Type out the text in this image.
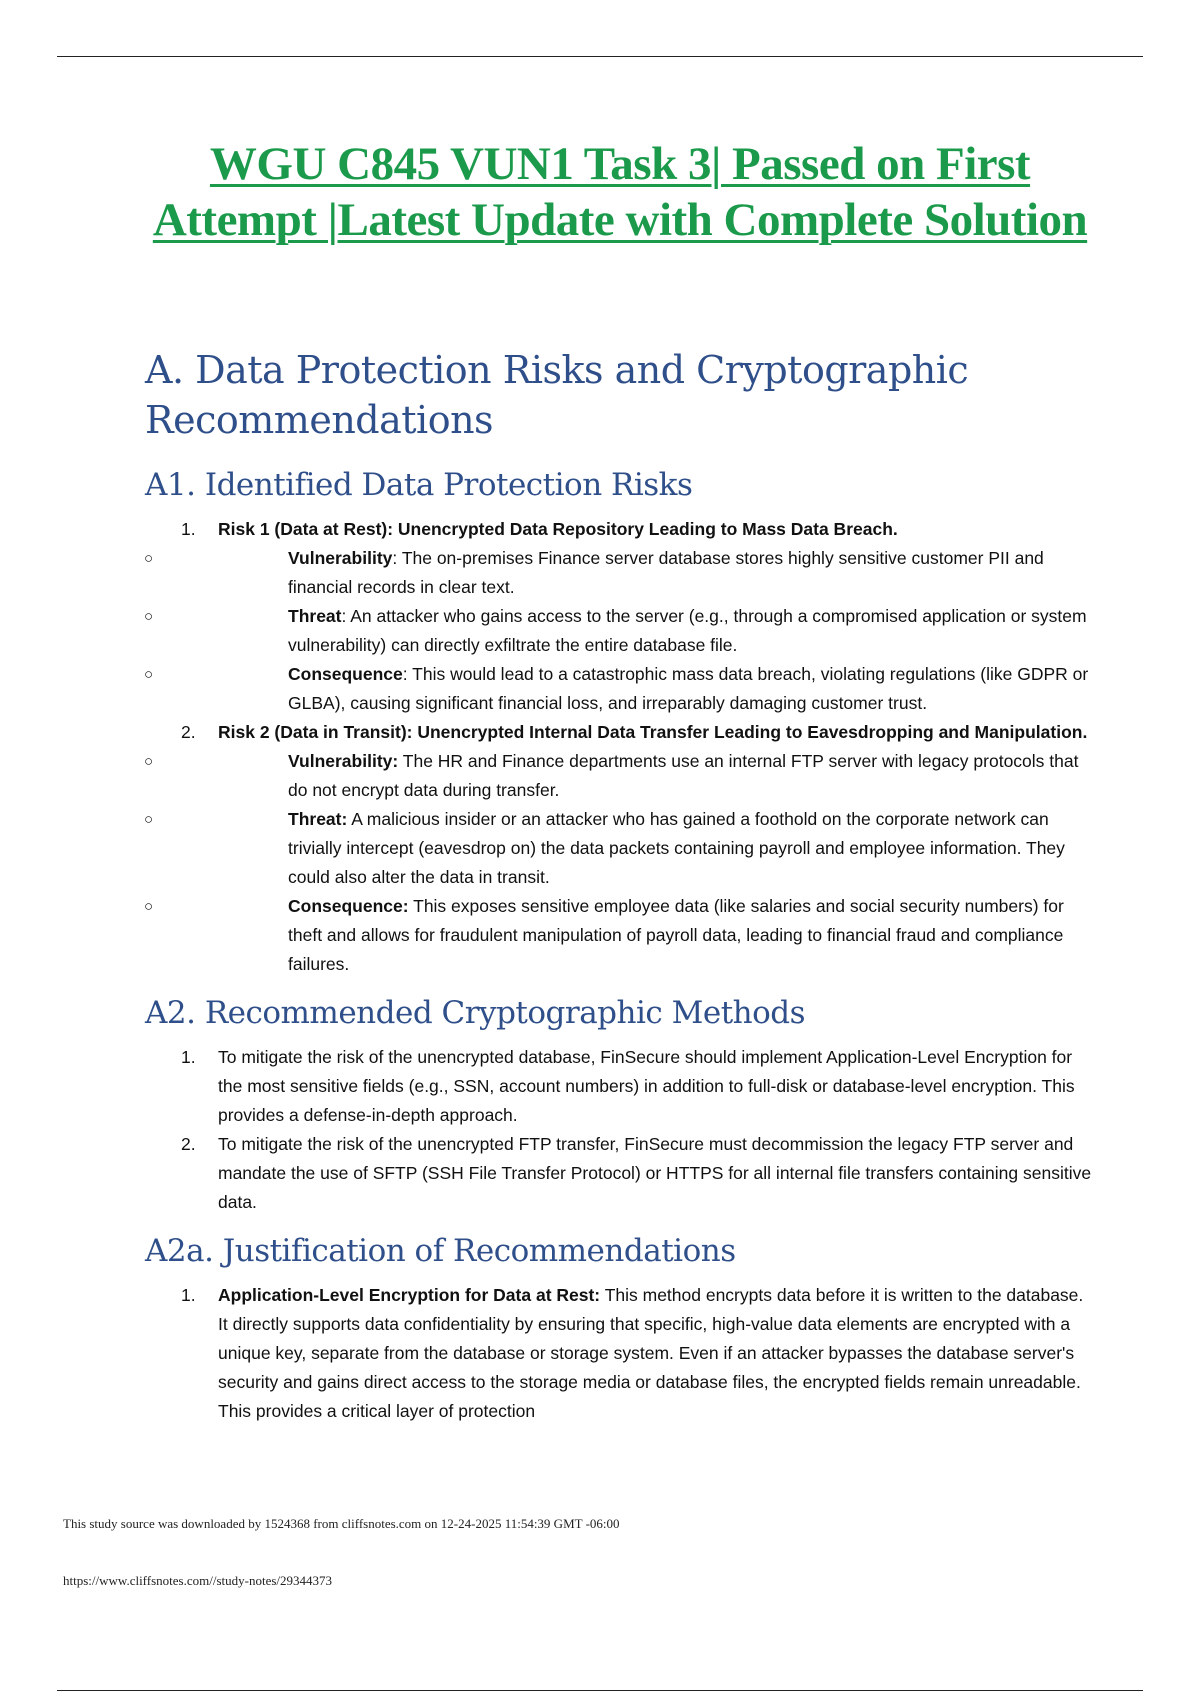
WGU C845 VUN1 Task 3| Passed on First Attempt |Latest Update with Complete Solution
A. Data Protection Risks and Cryptographic Recommendations
A1. Identified Data Protection Risks
1. Risk 1 (Data at Rest): Unencrypted Data Repository Leading to Mass Data Breach.
○	Vulnerability: The on-premises Finance server database stores highly sensitive customer PII and financial records in clear text.
○	Threat: An attacker who gains access to the server (e.g., through a compromised application or system vulnerability) can directly exfiltrate the entire database file.
○	Consequence: This would lead to a catastrophic mass data breach, violating regulations (like GDPR or GLBA), causing significant financial loss, and irreparably damaging customer trust.
2. Risk 2 (Data in Transit): Unencrypted Internal Data Transfer Leading to Eavesdropping and Manipulation.
○	Vulnerability: The HR and Finance departments use an internal FTP server with legacy protocols that do not encrypt data during transfer.
○	Threat: A malicious insider or an attacker who has gained a foothold on the corporate network can trivially intercept (eavesdrop on) the data packets containing payroll and employee information. They could also alter the data in transit.
○	Consequence: This exposes sensitive employee data (like salaries and social security numbers) for theft and allows for fraudulent manipulation of payroll data, leading to financial fraud and compliance failures.
A2. Recommended Cryptographic Methods
1. To mitigate the risk of the unencrypted database, FinSecure should implement Application-Level Encryption for the most sensitive fields (e.g., SSN, account numbers) in addition to full-disk or database-level encryption. This provides a defense-in-depth approach.
2. To mitigate the risk of the unencrypted FTP transfer, FinSecure must decommission the legacy FTP server and mandate the use of SFTP (SSH File Transfer Protocol) or HTTPS for all internal file transfers containing sensitive data.
A2a. Justification of Recommendations
1. Application-Level Encryption for Data at Rest: This method encrypts data before it is written to the database. It directly supports data confidentiality by ensuring that specific, high-value data elements are encrypted with a unique key, separate from the database or storage system. Even if an attacker bypasses the database server's security and gains direct access to the storage media or database files, the encrypted fields remain unreadable. This provides a critical layer of protection
This study source was downloaded by 1524368 from cliffsnotes.com on 12-24-2025 11:54:39 GMT -06:00
https://www.cliffsnotes.com//study-notes/29344373
